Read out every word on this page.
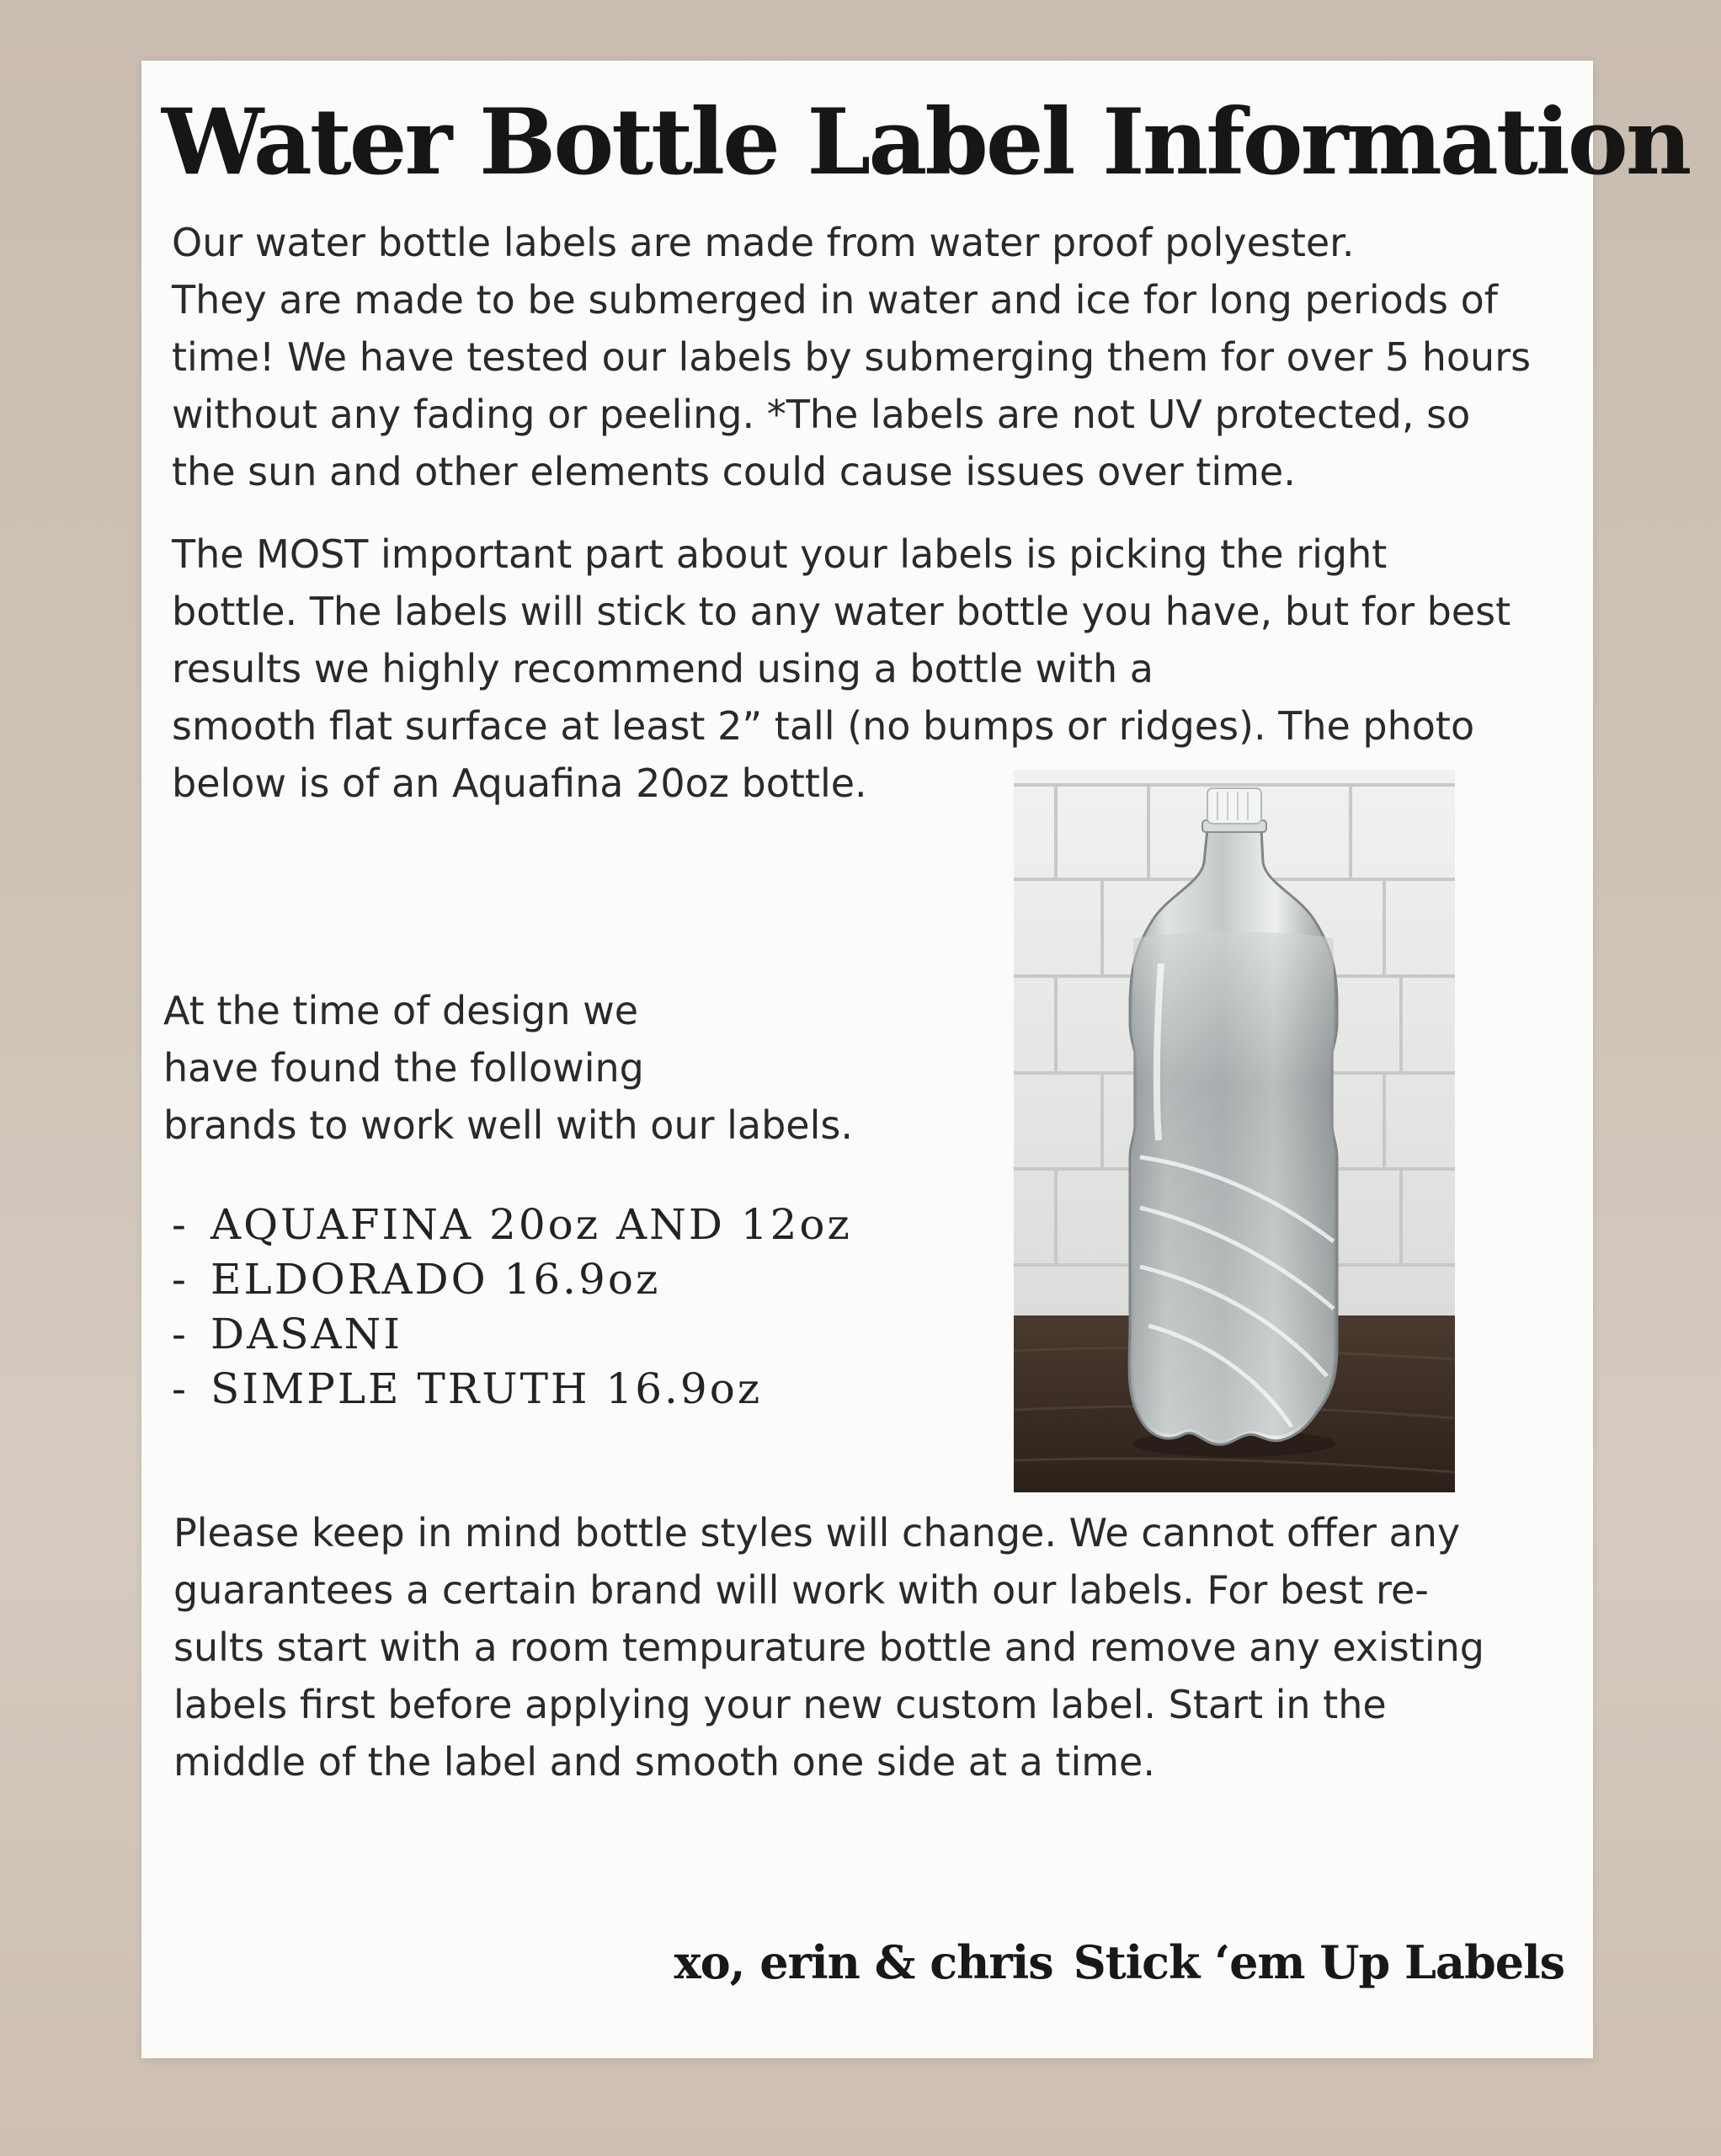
Water Bottle Label Information

Our water bottle labels are made from water proof polyester.
They are made to be submerged in water and ice for long periods of
time! We have tested our labels by submerging them for over 5 hours
without any fading or peeling. *The labels are not UV protected, so
the sun and other elements could cause issues over time.

The MOST important part about your labels is picking the right
bottle. The labels will stick to any water bottle you have, but for best
results we highly recommend using a bottle with a
smooth flat surface at least 2” tall (no bumps or ridges). The photo
below is of an Aquafina 20oz bottle.

At the time of design we
have found the following
brands to work well with our labels.

- AQUAFINA 20oz AND 12oz
- ELDORADO 16.9oz
- DASANI
- SIMPLE TRUTH 16.9oz

Please keep in mind bottle styles will change. We cannot offer any
guarantees a certain brand will work with our labels. For best re-
sults start with a room tempurature bottle and remove any existing
labels first before applying your new custom label. Start in the
middle of the label and smooth one side at a time.

xo, erin & chris Stick ‘em Up Labels
